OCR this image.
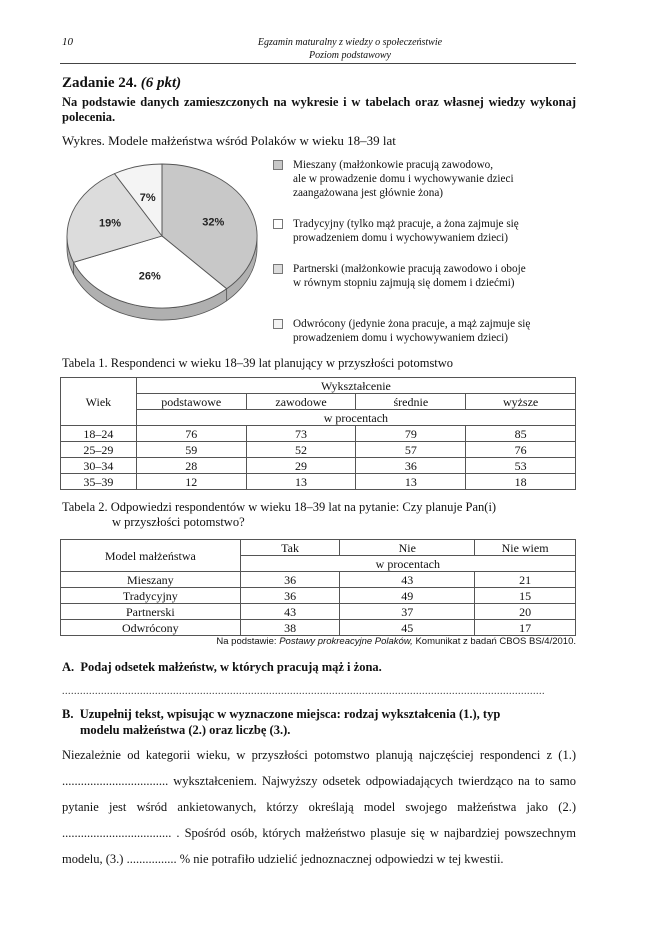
10	Egzamin maturalny z wiedzy o społeczeństwie
Poziom podstawowy
Zadanie 24. (6 pkt)
Na podstawie danych zamieszczonych na wykresie i w tabelach oraz własnej wiedzy wykonaj polecenia.
Wykres. Modele małżeństwa wśród Polaków w wieku 18–39 lat
32%
26%
19%
7%
Mieszany (małżonkowie pracują zawodowo,
ale w prowadzenie domu i wychowywanie dzieci
zaangażowana jest głównie żona)
Tradycyjny (tylko mąż pracuje, a żona zajmuje się
prowadzeniem domu i wychowywaniem dzieci)
Partnerski (małżonkowie pracują zawodowo i oboje
w równym stopniu zajmują się domem i dziećmi)
Odwrócony (jedynie żona pracuje, a mąż zajmuje się
prowadzeniem domu i wychowywaniem dzieci)
Tabela 1. Respondenci w wieku 18–39 lat planujący w przyszłości potomstwo
Wiek	Wykształcenie			
	podstawowe	zawodowe	średnie	wyższe
	w procentach			
18–24	76	73	79	85
25–29	59	52	57	76
30–34	28	29	36	53
35–39	12	13	13	18
Tabela 2. Odpowiedzi respondentów w wieku 18–39 lat na pytanie: Czy planuje Pan(i)
w przyszłości potomstwo?
Model małżeństwa	Tak	Nie	Nie wiem
	w procentach		
Mieszany	36	43	21
Tradycyjny	36	49	15
Partnerski	43	37	20
Odwrócony	38	45	17
Na podstawie: Postawy prokreacyjne Polaków, Komunikat z badań CBOS BS/4/2010.
A. Podaj odsetek małżeństw, w których pracują mąż i żona.
.................................................................................................................................................................
B. Uzupełnij tekst, wpisując w wyznaczone miejsca: rodzaj wykształcenia (1.), typ
modelu małżeństwa (2.) oraz liczbę (3.).
Niezależnie od kategorii wieku, w przyszłości potomstwo planują najczęściej respondenci z (1.) .................................. wykształceniem. Najwyższy odsetek odpowiadających twierdząco na to samo pytanie jest wśród ankietowanych, którzy określają model swojego małżeństwa jako (2.) ................................... . Spośród osób, których małżeństwo plasuje się w najbardziej powszechnym modelu, (3.) ................ % nie potrafiło udzielić jednoznacznej odpowiedzi w tej kwestii.
